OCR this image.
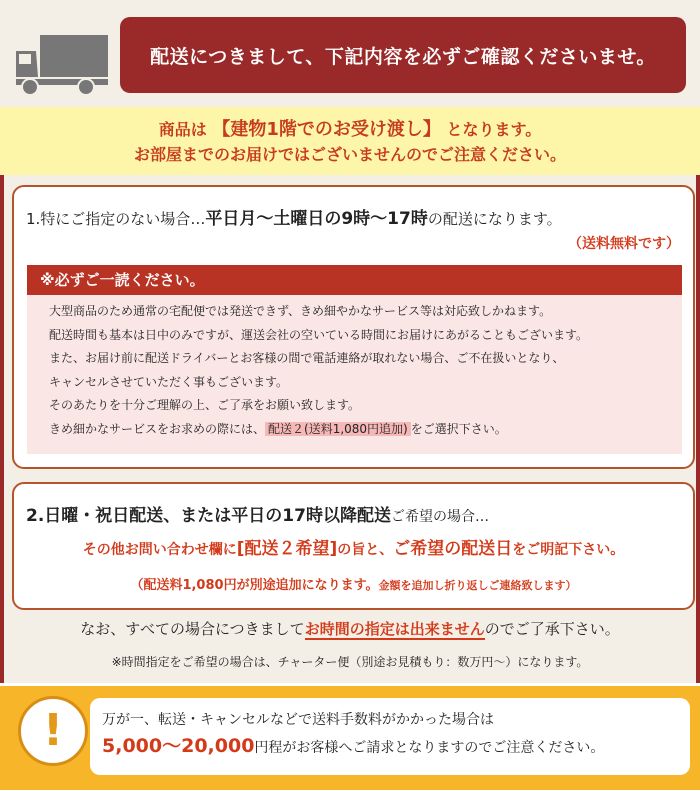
配送につきまして、下記内容を必ずご確認くださいませ。
商品は 【建物1階でのお受け渡し】 となります。
お部屋までのお届けではございませんのでご注意ください。
1.特にご指定のない場合…平日月～土曜日の9時～17時の配送になります。
（送料無料です）
※必ずご一読ください。
大型商品のため通常の宅配便では発送できず、きめ細やかなサービス等は対応致しかねます。
配送時間も基本は日中のみですが、運送会社の空いている時間にお届けにあがることもございます。
また、お届け前に配送ドライバーとお客様の間で電話連絡が取れない場合、ご不在扱いとなり、
キャンセルさせていただく事もございます。
そのあたりを十分ご理解の上、ご了承をお願い致します。
きめ細かなサービスをお求めの際には、 配送２(送料1,080円追加) をご選択下さい。
2.日曜・祝日配送、または平日の17時以降配送ご希望の場合…
その他お問い合わせ欄に[配送２希望]の旨と、ご希望の配送日をご明記下さい。
（配送料1,080円が別途追加になります。金額を追加し折り返しご連絡致します）
なお、すべての場合につきましてお時間の指定は出来ませんのでご了承下さい。
※時間指定をご希望の場合は、チャーター便（別途お見積もり：数万円～）になります。
!	万が一、転送・キャンセルなどで送料手数料がかかった場合は
5,000～20,000円程がお客様へご請求となりますのでご注意ください。
